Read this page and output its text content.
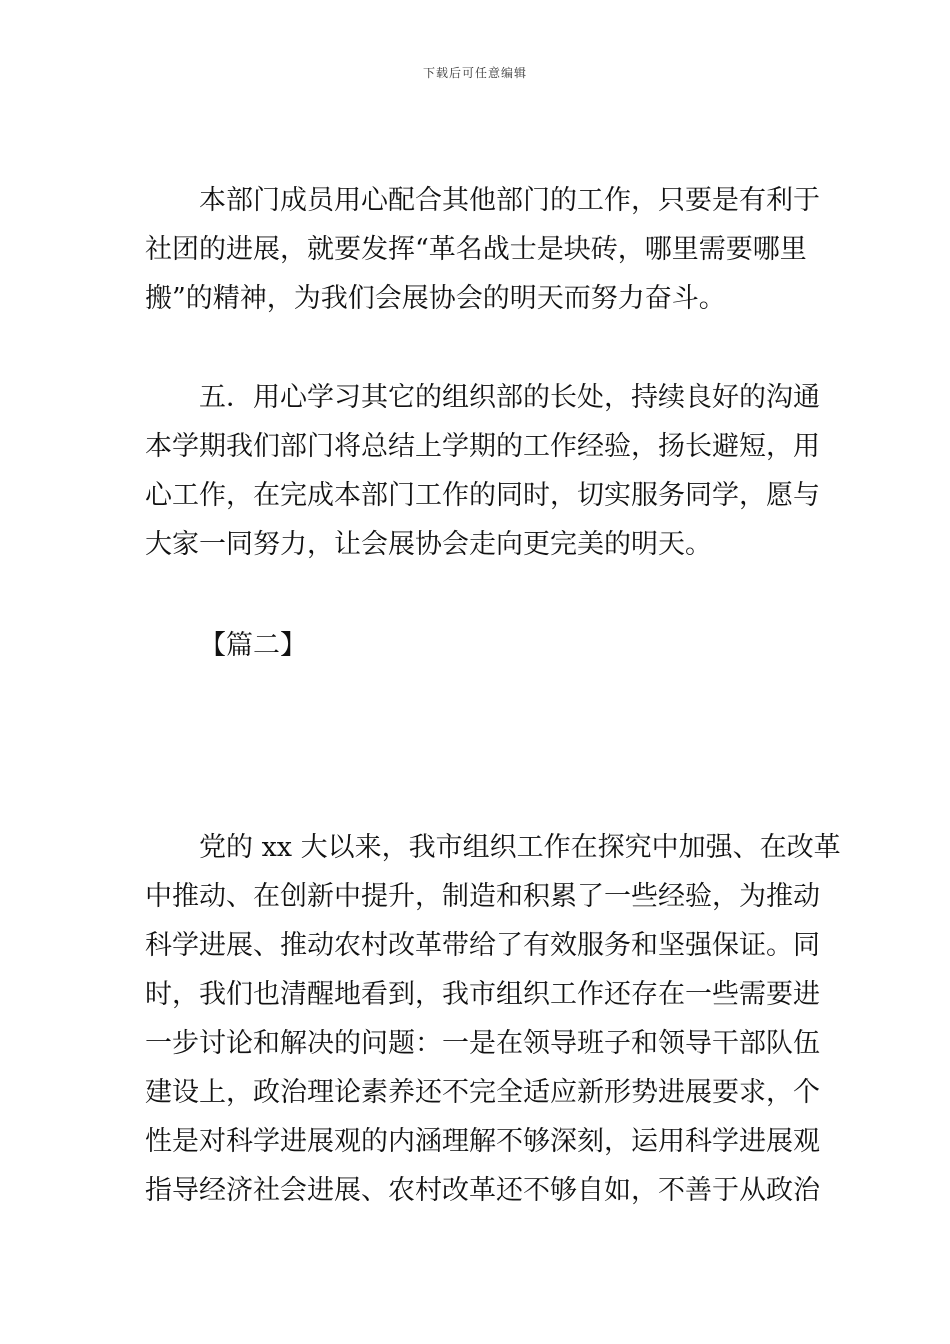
下载后可任意编辑
本部门成员用心配合其他部门的工作，只要是有利于
社团的进展，就要发挥“革名战士是块砖，哪里需要哪里
搬”的精神，为我们会展协会的明天而努力奋斗。
五．用心学习其它的组织部的长处，持续良好的沟通
本学期我们部门将总结上学期的工作经验，扬长避短，用
心工作，在完成本部门工作的同时，切实服务同学，愿与
大家一同努力，让会展协会走向更完美的明天。
【篇二】
党的 xx 大以来，我市组织工作在探究中加强、在改革
中推动、在创新中提升，制造和积累了一些经验，为推动
科学进展、推动农村改革带给了有效服务和坚强保证。同
时，我们也清醒地看到，我市组织工作还存在一些需要进
一步讨论和解决的问题：一是在领导班子和领导干部队伍
建设上，政治理论素养还不完全适应新形势进展要求，个
性是对科学进展观的内涵理解不够深刻，运用科学进展观
指导经济社会进展、农村改革还不够自如，不善于从政治
